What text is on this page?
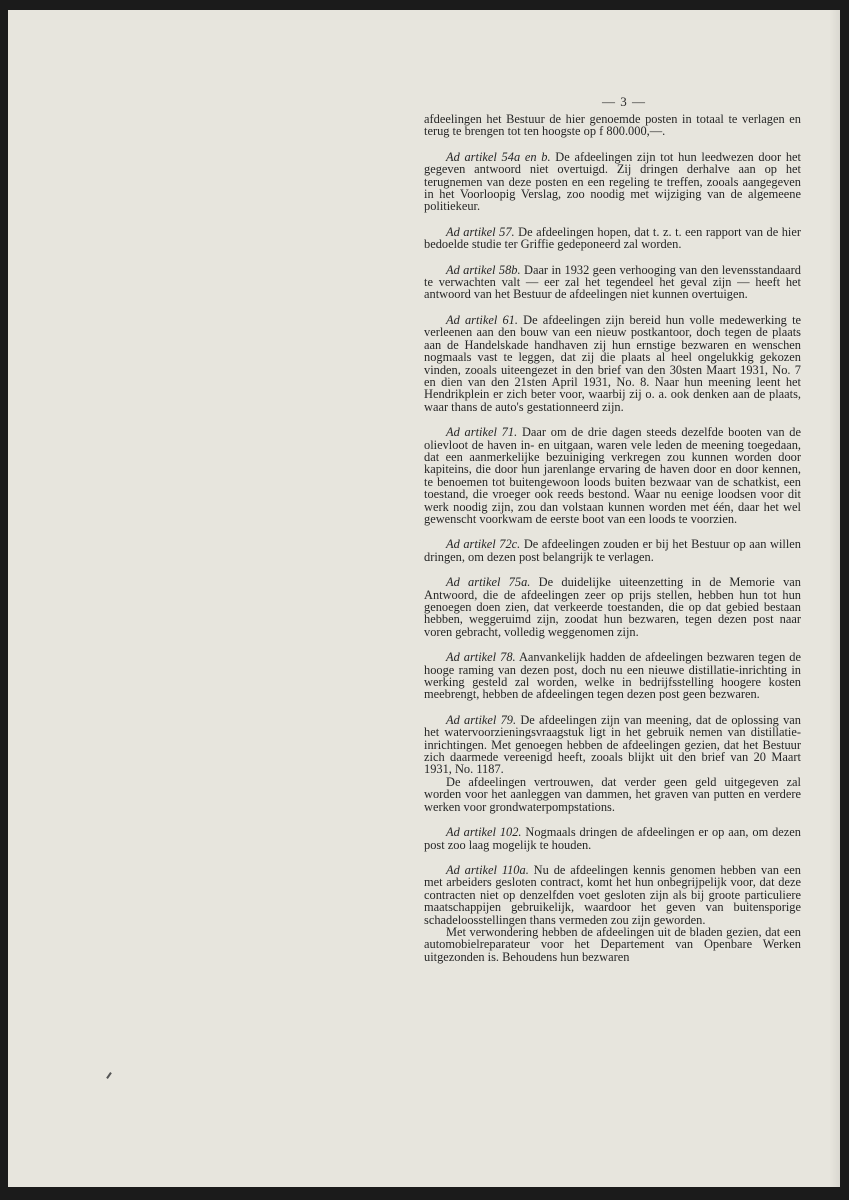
— 3 —

afdeelingen het Bestuur de hier genoemde posten in totaal te verlagen en terug te brengen tot ten hoogste op f 800.000,—.

Ad artikel 54a en b. De afdeelingen zijn tot hun leedwezen door het gegeven antwoord niet overtuigd. Zij dringen derhalve aan op het terugnemen van deze posten en een regeling te treffen, zooals aangegeven in het Voorloopig Verslag, zoo noodig met wijziging van de algemeene politiekeur.

Ad artikel 57. De afdeelingen hopen, dat t. z. t. een rapport van de hier bedoelde studie ter Griffie gedeponeerd zal worden.

Ad artikel 58b. Daar in 1932 geen verhooging van den levensstandaard te verwachten valt — eer zal het tegendeel het geval zijn — heeft het antwoord van het Bestuur de afdeelingen niet kunnen overtuigen.

Ad artikel 61. De afdeelingen zijn bereid hun volle medewerking te verleenen aan den bouw van een nieuw postkantoor, doch tegen de plaats aan de Handelskade handhaven zij hun ernstige bezwaren en wenschen nogmaals vast te leggen, dat zij die plaats al heel ongelukkig gekozen vinden, zooals uiteengezet in den brief van den 30sten Maart 1931, No. 7 en dien van den 21sten April 1931, No. 8. Naar hun meening leent het Hendrikplein er zich beter voor, waarbij zij o. a. ook denken aan de plaats, waar thans de auto's gestationneerd zijn.

Ad artikel 71. Daar om de drie dagen steeds dezelfde booten van de olievloot de haven in- en uitgaan, waren vele leden de meening toegedaan, dat een aanmerkelijke bezuiniging verkregen zou kunnen worden door kapiteins, die door hun jarenlange ervaring de haven door en door kennen, te benoemen tot buitengewoon loods buiten bezwaar van de schatkist, een toestand, die vroeger ook reeds bestond. Waar nu eenige loodsen voor dit werk noodig zijn, zou dan volstaan kunnen worden met één, daar het wel gewenscht voorkwam de eerste boot van een loods te voorzien.

Ad artikel 72c. De afdeelingen zouden er bij het Bestuur op aan willen dringen, om dezen post belangrijk te verlagen.

Ad artikel 75a. De duidelijke uiteenzetting in de Memorie van Antwoord, die de afdeelingen zeer op prijs stellen, hebben hun tot hun genoegen doen zien, dat verkeerde toestanden, die op dat gebied bestaan hebben, weggeruimd zijn, zoodat hun bezwaren, tegen dezen post naar voren gebracht, volledig weggenomen zijn.

Ad artikel 78. Aanvankelijk hadden de afdeelingen bezwaren tegen de hooge raming van dezen post, doch nu een nieuwe distillatie-inrichting in werking gesteld zal worden, welke in bedrijfsstelling hoogere kosten meebrengt, hebben de afdeelingen tegen dezen post geen bezwaren.

Ad artikel 79. De afdeelingen zijn van meening, dat de oplossing van het watervoorzieningsvraagstuk ligt in het gebruik nemen van distillatie-inrichtingen. Met genoegen hebben de afdeelingen gezien, dat het Bestuur zich daarmede vereenigd heeft, zooals blijkt uit den brief van 20 Maart 1931, No. 1187.

De afdeelingen vertrouwen, dat verder geen geld uitgegeven zal worden voor het aanleggen van dammen, het graven van putten en verdere werken voor grondwaterpompstations.

Ad artikel 102. Nogmaals dringen de afdeelingen er op aan, om dezen post zoo laag mogelijk te houden.

Ad artikel 110a. Nu de afdeelingen kennis genomen hebben van een met arbeiders gesloten contract, komt het hun onbegrijpelijk voor, dat deze contracten niet op denzelfden voet gesloten zijn als bij groote particuliere maatschappijen gebruikelijk, waardoor het geven van buitensporige schadeloosstellingen thans vermeden zou zijn geworden.

Met verwondering hebben de afdeelingen uit de bladen gezien, dat een automobielreparateur voor het Departement van Openbare Werken uitgezonden is. Behoudens hun bezwaren
